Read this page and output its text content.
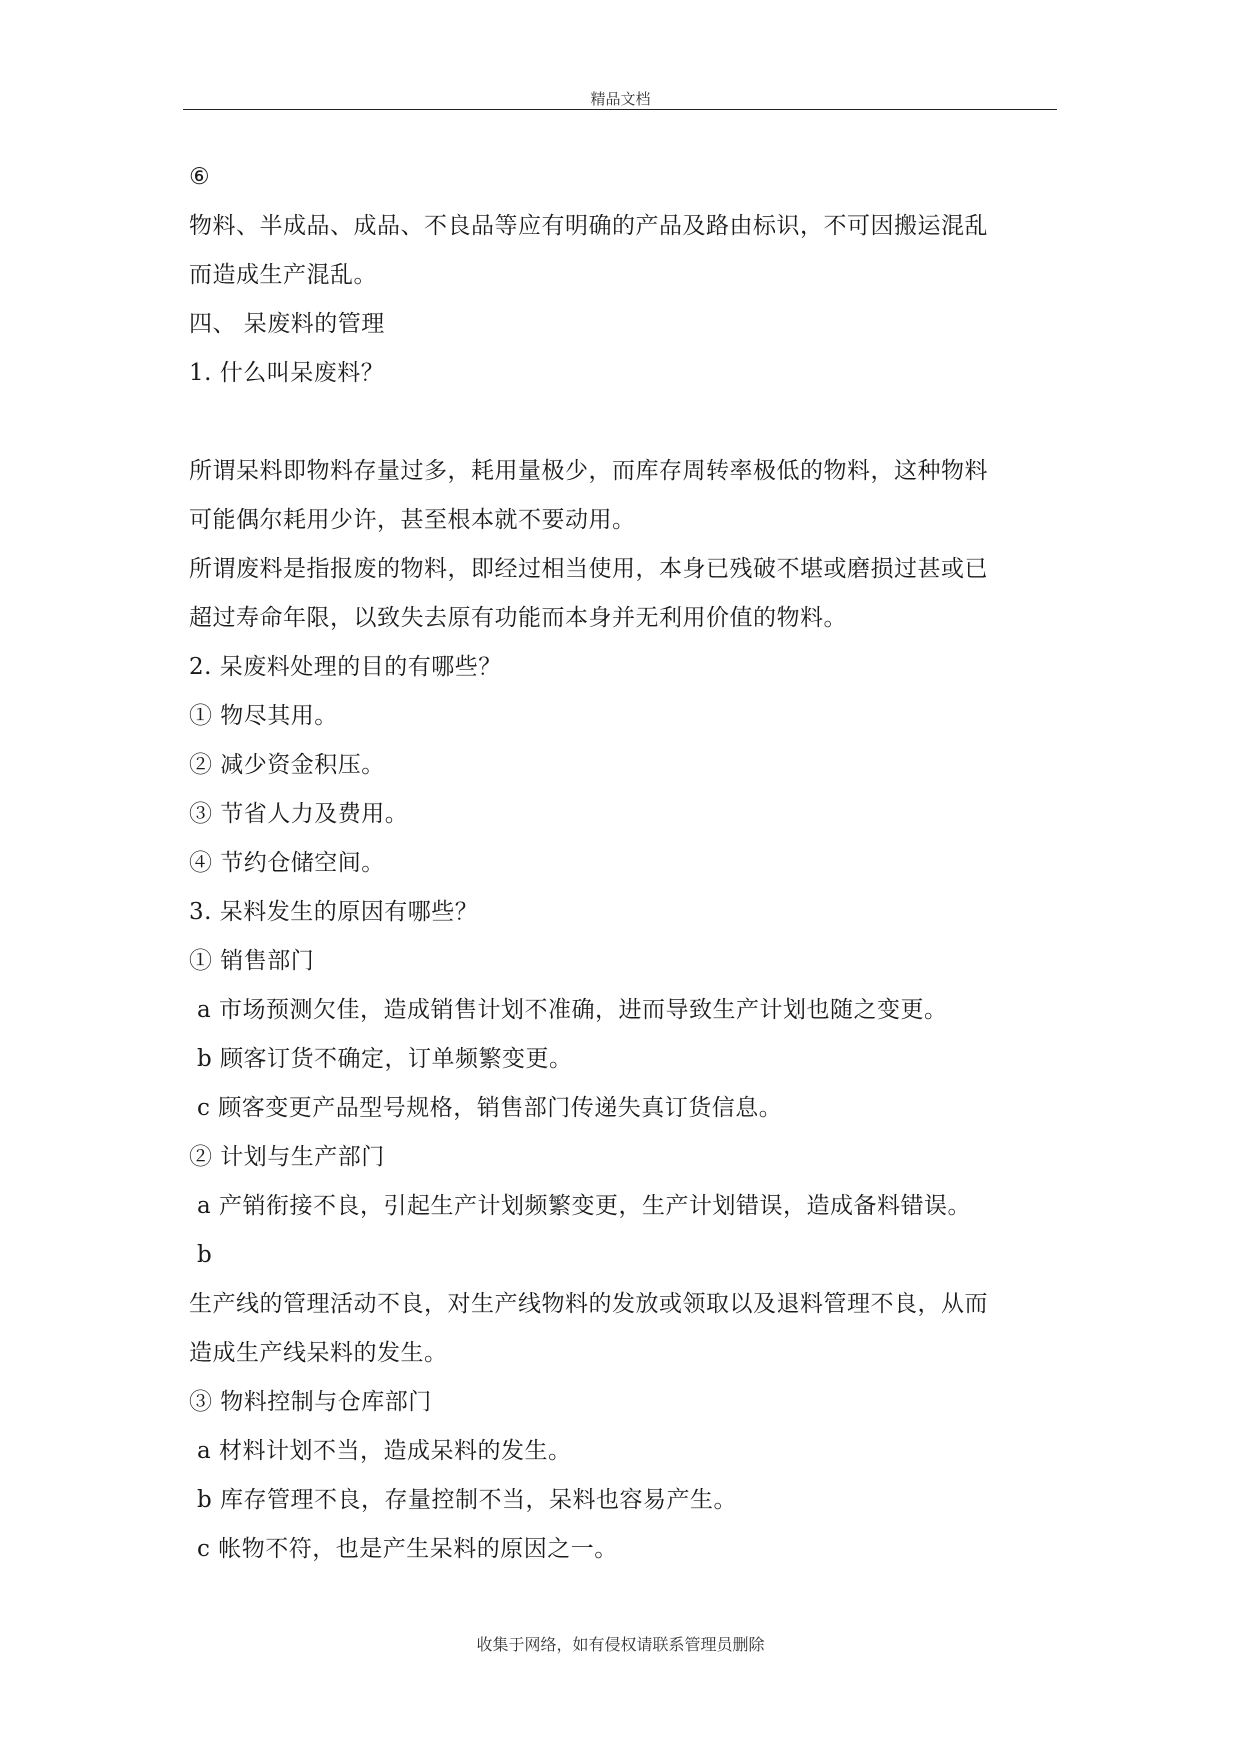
精品文档
⑥
物料、半成品、成品、不良品等应有明确的产品及路由标识，不可因搬运混乱
而造成生产混乱。
四、 呆废料的管理
1. 什么叫呆废料？
所谓呆料即物料存量过多，耗用量极少，而库存周转率极低的物料，这种物料
可能偶尔耗用少许，甚至根本就不要动用。
所谓废料是指报废的物料，即经过相当使用，本身已残破不堪或磨损过甚或已
超过寿命年限，以致失去原有功能而本身并无利用价值的物料。
2. 呆废料处理的目的有哪些？
① 物尽其用。
② 减少资金积压。
③ 节省人力及费用。
④ 节约仓储空间。
3. 呆料发生的原因有哪些？
① 销售部门
a 市场预测欠佳，造成销售计划不准确，进而导致生产计划也随之变更。
b 顾客订货不确定，订单频繁变更。
c 顾客变更产品型号规格，销售部门传递失真订货信息。
② 计划与生产部门
a 产销衔接不良，引起生产计划频繁变更，生产计划错误，造成备料错误。
b
生产线的管理活动不良，对生产线物料的发放或领取以及退料管理不良，从而
造成生产线呆料的发生。
③ 物料控制与仓库部门
a 材料计划不当，造成呆料的发生。
b 库存管理不良，存量控制不当，呆料也容易产生。
c 帐物不符，也是产生呆料的原因之一。
收集于网络，如有侵权请联系管理员删除
